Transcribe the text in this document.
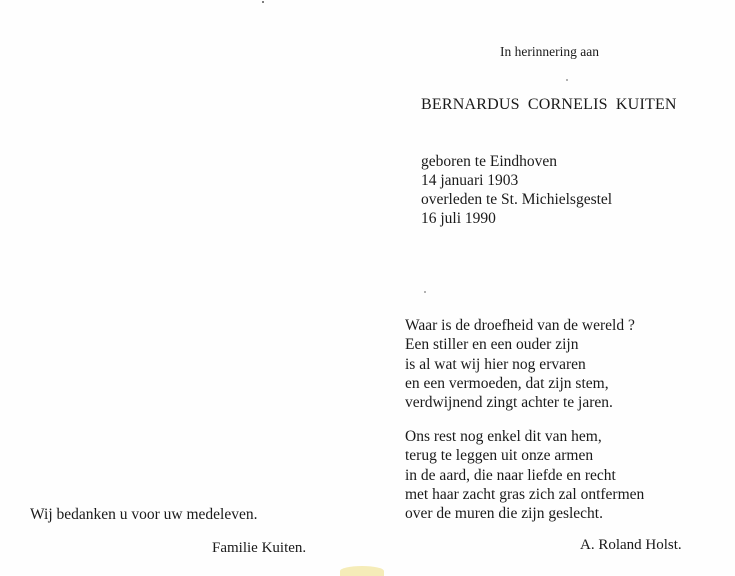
In herinnering aan
BERNARDUS CORNELIS KUITEN
geboren te Eindhoven
14 januari 1903
overleden te St. Michielsgestel
16 juli 1990
Waar is de droefheid van de wereld ?
Een stiller en een ouder zijn
is al wat wij hier nog ervaren
en een vermoeden, dat zijn stem,
verdwijnend zingt achter te jaren.
Ons rest nog enkel dit van hem,
terug te leggen uit onze armen
in de aard, die naar liefde en recht
met haar zacht gras zich zal ontfermen
over de muren die zijn geslecht.
Wij bedanken u voor uw medeleven.
Familie Kuiten.	A. Roland Holst.
